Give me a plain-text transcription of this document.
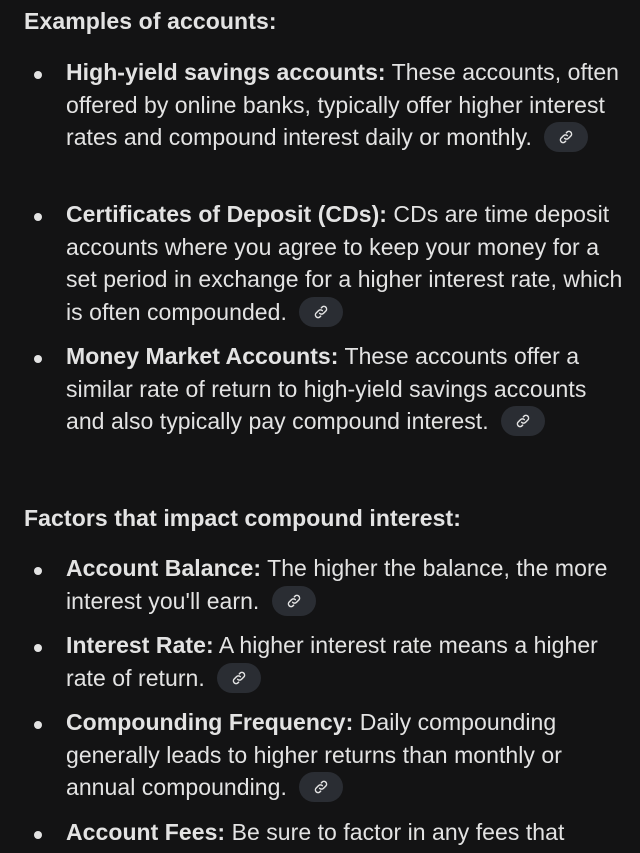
Examples of accounts:
High-yield savings accounts: These accounts, often offered by online banks, typically offer higher interest rates and compound interest daily or monthly.
Certificates of Deposit (CDs): CDs are time deposit accounts where you agree to keep your money for a set period in exchange for a higher interest rate, which is often compounded.
Money Market Accounts: These accounts offer a similar rate of return to high-yield savings accounts and also typically pay compound interest.
Factors that impact compound interest:
Account Balance: The higher the balance, the more interest you'll earn.
Interest Rate: A higher interest rate means a higher rate of return.
Compounding Frequency: Daily compounding generally leads to higher returns than monthly or annual compounding.
Account Fees: Be sure to factor in any fees that
